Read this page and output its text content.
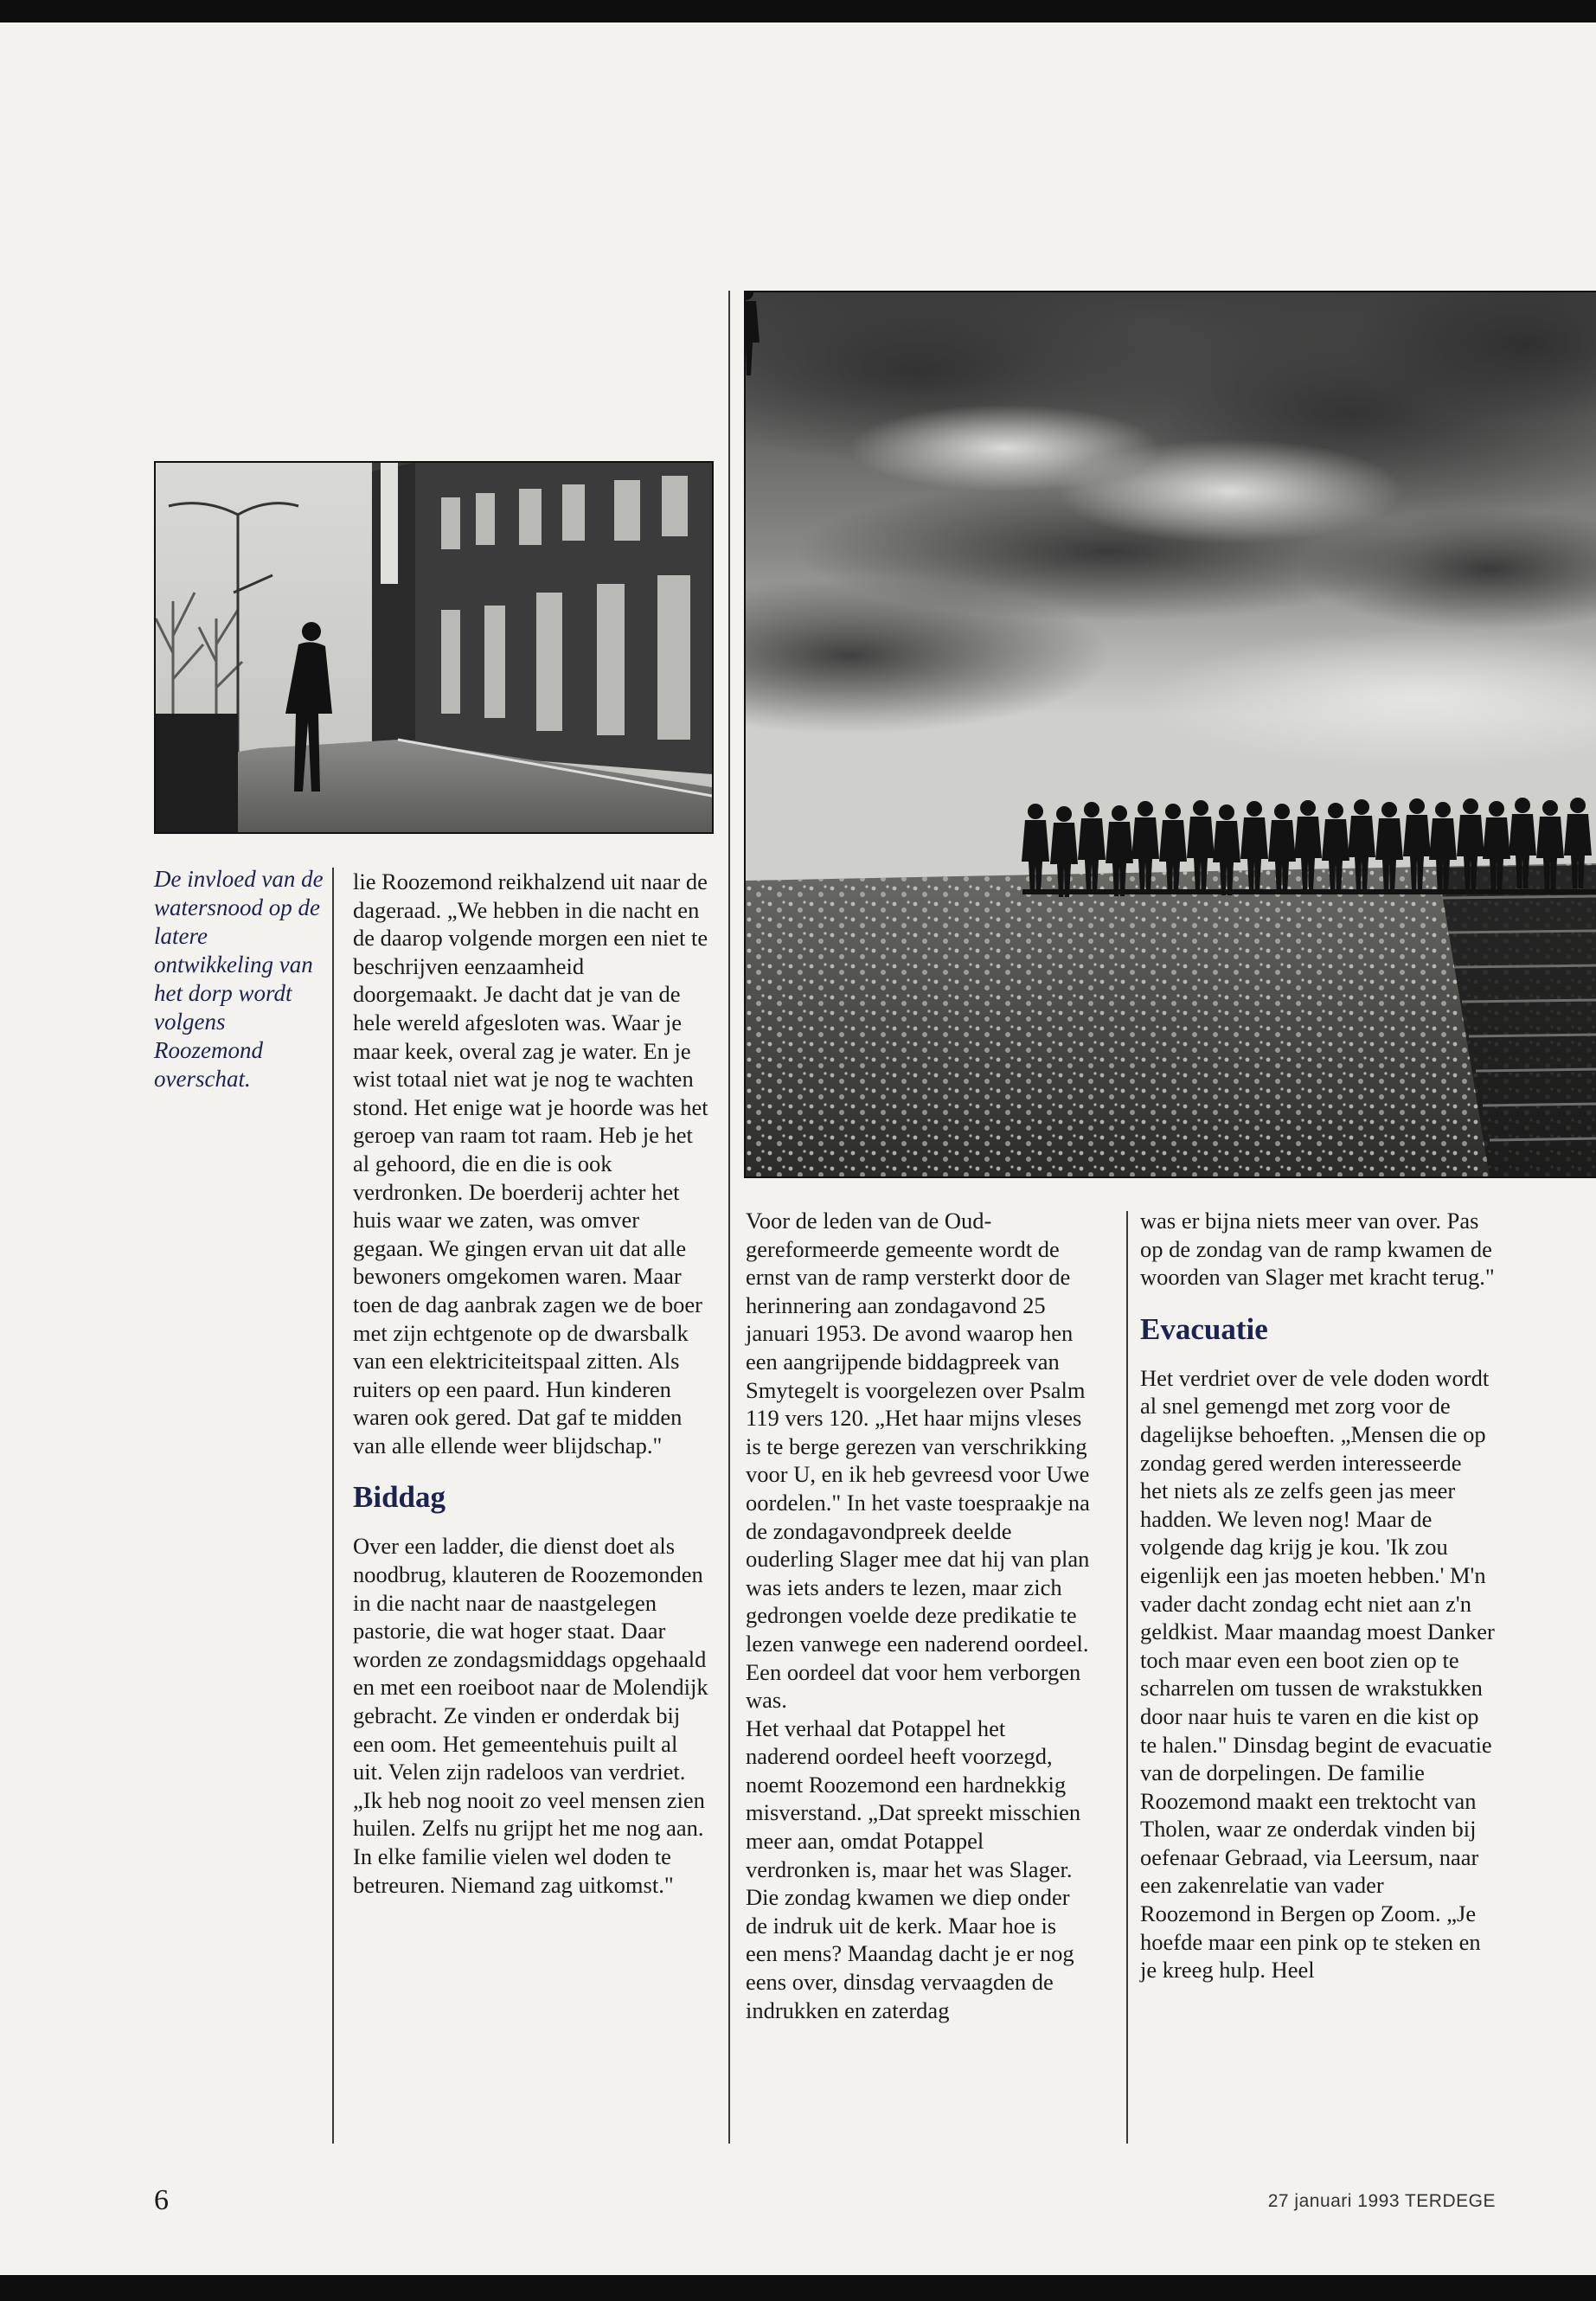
De invloed van de watersnood op de latere ontwikkeling van het dorp wordt volgens Roozemond overschat.

lie Roozemond reikhalzend uit naar de dageraad. „We hebben in die nacht en de daarop volgende morgen een niet te beschrijven eenzaamheid doorgemaakt. Je dacht dat je van de hele wereld afgesloten was. Waar je maar keek, overal zag je water. En je wist totaal niet wat je nog te wachten stond. Het enige wat je hoorde was het geroep van raam tot raam. Heb je het al gehoord, die en die is ook verdronken. De boerderij achter het huis waar we zaten, was omver gegaan. We gingen ervan uit dat alle bewoners omgekomen waren. Maar toen de dag aanbrak zagen we de boer met zijn echtgenote op de dwarsbalk van een elektriciteitspaal zitten. Als ruiters op een paard. Hun kinderen waren ook gered. Dat gaf te midden van alle ellende weer blijdschap."

Biddag

Over een ladder, die dienst doet als noodbrug, klauteren de Roozemonden in die nacht naar de naastgelegen pastorie, die wat hoger staat. Daar worden ze zondagsmiddags opgehaald en met een roeiboot naar de Molendijk gebracht. Ze vinden er onderdak bij een oom. Het gemeentehuis puilt al uit. Velen zijn radeloos van verdriet. „Ik heb nog nooit zo veel mensen zien huilen. Zelfs nu grijpt het me nog aan. In elke familie vielen wel doden te betreuren. Niemand zag uitkomst."

Voor de leden van de Oud-gereformeerde gemeente wordt de ernst van de ramp versterkt door de herinnering aan zondagavond 25 januari 1953. De avond waarop hen een aangrijpende biddagpreek van Smytegelt is voorgelezen over Psalm 119 vers 120. „Het haar mijns vleses is te berge gerezen van verschrikking voor U, en ik heb gevreesd voor Uwe oordelen." In het vaste toespraakje na de zondagavondpreek deelde ouderling Slager mee dat hij van plan was iets anders te lezen, maar zich gedrongen voelde deze predikatie te lezen vanwege een naderend oordeel. Een oordeel dat voor hem verborgen was.

Het verhaal dat Potappel het naderend oordeel heeft voorzegd, noemt Roozemond een hardnekkig misverstand. „Dat spreekt misschien meer aan, omdat Potappel verdronken is, maar het was Slager. Die zondag kwamen we diep onder de indruk uit de kerk. Maar hoe is een mens? Maandag dacht je er nog eens over, dinsdag vervaagden de indrukken en zaterdag

was er bijna niets meer van over. Pas op de zondag van de ramp kwamen de woorden van Slager met kracht terug."

Evacuatie

Het verdriet over de vele doden wordt al snel gemengd met zorg voor de dagelijkse behoeften. „Mensen die op zondag gered werden interesseerde het niets als ze zelfs geen jas meer hadden. We leven nog! Maar de volgende dag krijg je kou. 'Ik zou eigenlijk een jas moeten hebben.' M'n vader dacht zondag echt niet aan z'n geldkist. Maar maandag moest Danker toch maar even een boot zien op te scharrelen om tussen de wrakstukken door naar huis te varen en die kist op te halen." Dinsdag begint de evacuatie van de dorpelingen. De familie Roozemond maakt een trektocht van Tholen, waar ze onderdak vinden bij oefenaar Gebraad, via Leersum, naar een zakenrelatie van vader Roozemond in Bergen op Zoom. „Je hoefde maar een pink op te steken en je kreeg hulp. Heel

6	27 januari 1993 TERDEGE
